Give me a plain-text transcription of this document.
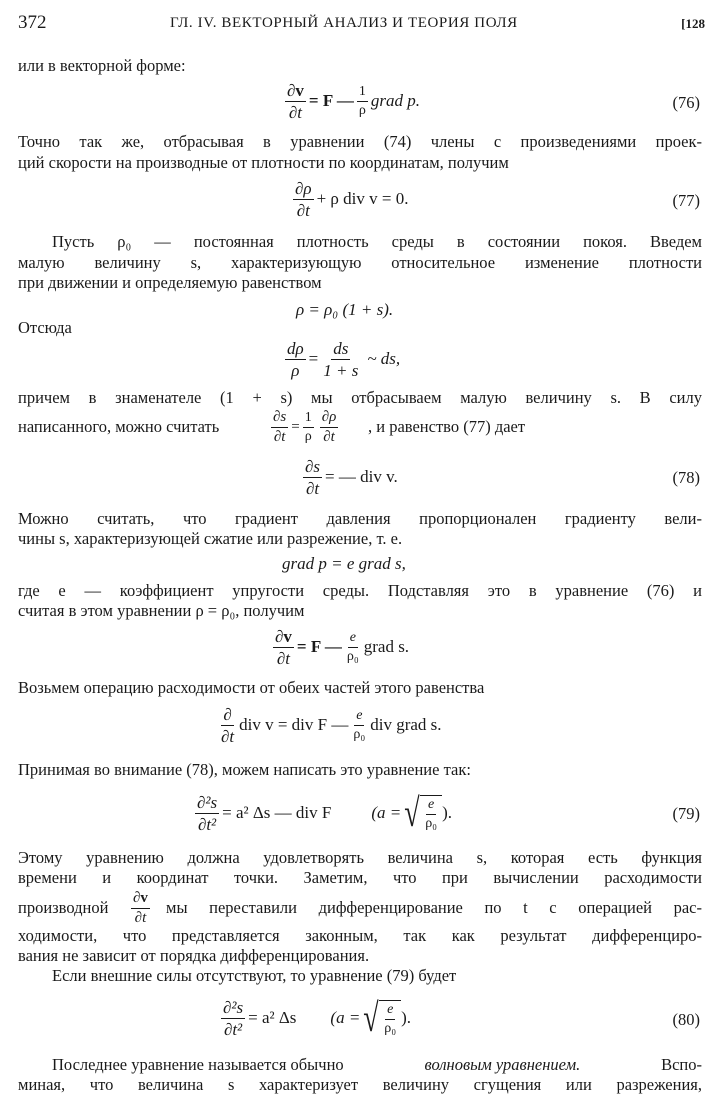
372	ГЛ. IV. ВЕКТОРНЫЙ АНАЛИЗ И ТЕОРИЯ ПОЛЯ	[128
или в векторной форме:
$\frac{\partial v}{\partial t} = F$ — $\frac{1}{\rho}$ grad p.	(76)
Точно так же, отбрасывая в уравнении (74) члены с произведениями проек-
ций скорости на производные от плотности по координатам, получим
$\frac{\partial\rho}{\partial t} + \rho$ div v = 0.	(77)
Пусть ρ₀ — постоянная плотность среды в состоянии покоя. Введем
малую величину s, характеризующую относительное изменение плотности
при движении и определяемую равенством
ρ = ρ₀ (1 + s).
Отсюда
$\frac{d\rho}{\rho} = \frac{ds}{1 + s}$ ~ ds,
причем в знаменателе (1 + s) мы отбрасываем малую величину s. В силу
написанного, можно считать	$\frac{\partial s}{\partial t} = \frac{1}{\rho} \frac{\partial\rho}{\partial t}$ , и равенство (77) дает
$\frac{\partial s}{\partial t}$ = — div v.	(78)
Можно считать, что градиент давления пропорционален градиенту вели-
чины s, характеризующей сжатие или разрежение, т. е.
grad p = e grad s,
где e — коэффициент упругости среды. Подставляя это в уравнение (76) и
считая в этом уравнении ρ = ρ₀, получим
$\frac{\partial v}{\partial t} = F$ — $\frac{e}{\text{ρ₀}}$ grad s.
Возьмем операцию расходимости от обеих частей этого равенства
$\frac{\partial}{\partial t}$ div v = div F — $\frac{e}{\text{ρ₀}}$ div grad s.
Принимая во внимание (78), можем написать это уравнение так:
$\frac{\text{∂²s}}{\text{∂t²}} = a^2$ Δs — div F (a = √ $\frac{e}{\text{ρ₀}}$ ).	(79)
Этому уравнению должна удовлетворять величина s, которая есть функция
времени и координат точки. Заметим, что при вычислении расходимости
производной $\frac{\partial v}{\partial t}$ мы переставили дифференцирование по t с операцией рас-
ходимости, что представляется законным, так как результат дифференциро-
вания не зависит от порядка дифференцирования.
Если внешние силы отсутствуют, то уравнение (79) будет
$\frac{\text{∂²s}}{\text{∂t²}} = a^2$ Δs (a = √ $\frac{e}{\text{ρ₀}}$ ).	(80)
Последнее уравнение называется обычно	волновым уравнением.	Вспо-
миная, что величина s характеризует величину сгущения или разрежения,
